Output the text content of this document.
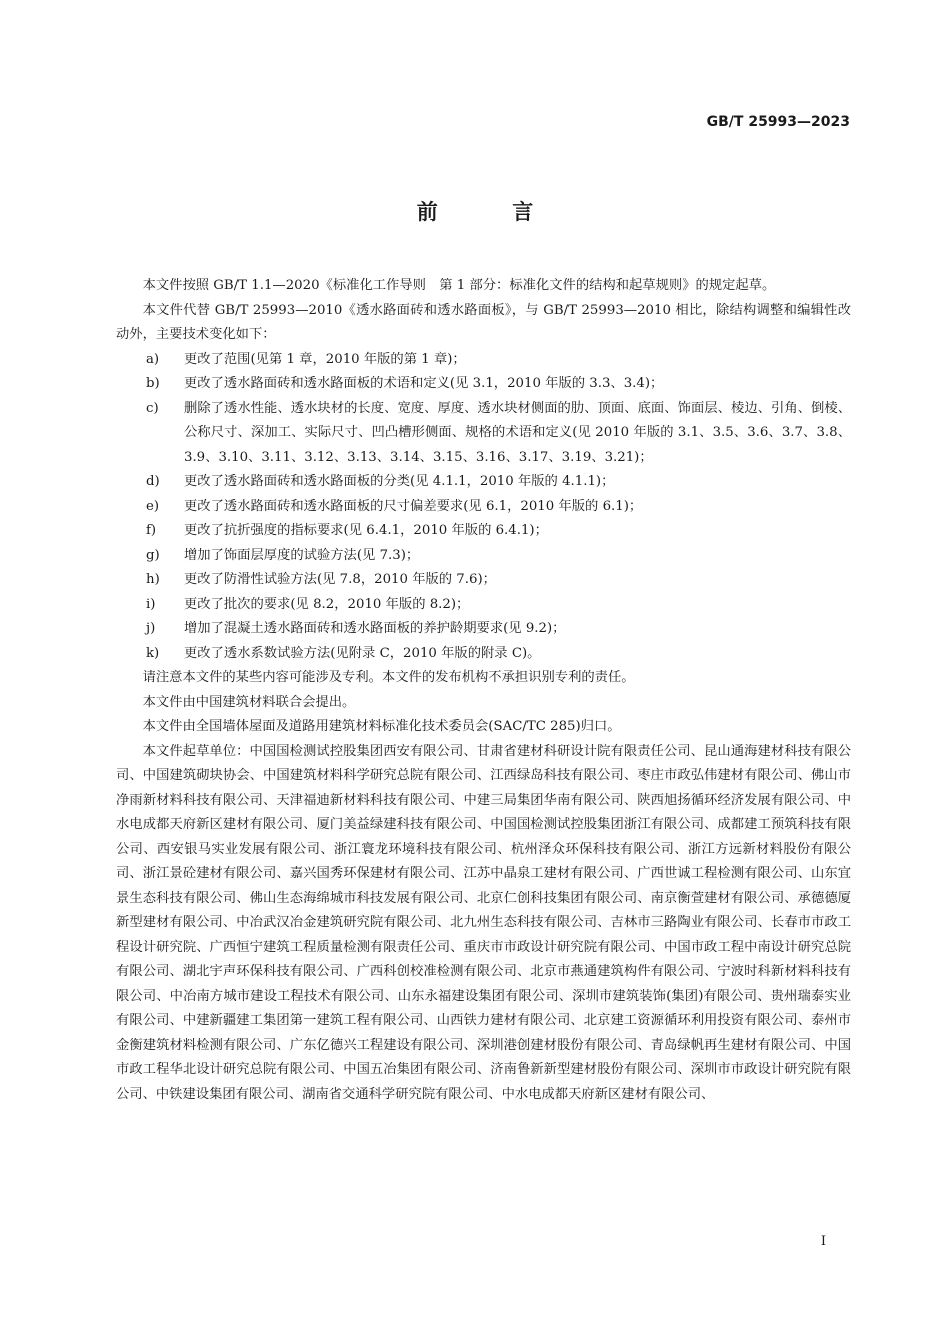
GB/T 25993—2023

前 言

本文件按照 GB/T 1.1—2020《标准化工作导则　第 1 部分：标准化文件的结构和起草规则》的规定起草。

本文件代替 GB/T 25993—2010《透水路面砖和透水路面板》，与 GB/T 25993—2010 相比，除结构调整和编辑性改动外，主要技术变化如下：

a)	更改了范围(见第 1 章，2010 年版的第 1 章)；
b)	更改了透水路面砖和透水路面板的术语和定义(见 3.1，2010 年版的 3.3、3.4)；
c)	删除了透水性能、透水块材的长度、宽度、厚度、透水块材侧面的肋、顶面、底面、饰面层、棱边、引角、倒棱、公称尺寸、深加工、实际尺寸、凹凸槽形侧面、规格的术语和定义(见 2010 年版的 3.1、3.5、3.6、3.7、3.8、3.9、3.10、3.11、3.12、3.13、3.14、3.15、3.16、3.17、3.19、3.21)；
d)	更改了透水路面砖和透水路面板的分类(见 4.1.1，2010 年版的 4.1.1)；
e)	更改了透水路面砖和透水路面板的尺寸偏差要求(见 6.1，2010 年版的 6.1)；
f)	更改了抗折强度的指标要求(见 6.4.1，2010 年版的 6.4.1)；
g)	增加了饰面层厚度的试验方法(见 7.3)；
h)	更改了防滑性试验方法(见 7.8，2010 年版的 7.6)；
i)	更改了批次的要求(见 8.2，2010 年版的 8.2)；
j)	增加了混凝土透水路面砖和透水路面板的养护龄期要求(见 9.2)；
k)	更改了透水系数试验方法(见附录 C，2010 年版的附录 C)。

请注意本文件的某些内容可能涉及专利。本文件的发布机构不承担识别专利的责任。

本文件由中国建筑材料联合会提出。

本文件由全国墙体屋面及道路用建筑材料标准化技术委员会(SAC/TC 285)归口。

本文件起草单位：中国国检测试控股集团西安有限公司、甘肃省建材科研设计院有限责任公司、昆山通海建材科技有限公司、中国建筑砌块协会、中国建筑材料科学研究总院有限公司、江西绿岛科技有限公司、枣庄市政弘伟建材有限公司、佛山市净雨新材料科技有限公司、天津福迪新材料科技有限公司、中建三局集团华南有限公司、陕西旭扬循环经济发展有限公司、中水电成都天府新区建材有限公司、厦门美益绿建科技有限公司、中国国检测试控股集团浙江有限公司、成都建工预筑科技有限公司、西安银马实业发展有限公司、浙江寰龙环境科技有限公司、杭州泽众环保科技有限公司、浙江方远新材料股份有限公司、浙江景砼建材有限公司、嘉兴国秀环保建材有限公司、江苏中晶泉工建材有限公司、广西世诚工程检测有限公司、山东宜景生态科技有限公司、佛山生态海绵城市科技发展有限公司、北京仁创科技集团有限公司、南京衡萱建材有限公司、承德德厦新型建材有限公司、中冶武汉冶金建筑研究院有限公司、北九州生态科技有限公司、吉林市三路陶业有限公司、长春市市政工程设计研究院、广西恒宁建筑工程质量检测有限责任公司、重庆市市政设计研究院有限公司、中国市政工程中南设计研究总院有限公司、湖北宇声环保科技有限公司、广西科创校准检测有限公司、北京市燕通建筑构件有限公司、宁波时科新材料科技有限公司、中冶南方城市建设工程技术有限公司、山东永福建设集团有限公司、深圳市建筑装饰(集团)有限公司、贵州瑞泰实业有限公司、中建新疆建工集团第一建筑工程有限公司、山西铁力建材有限公司、北京建工资源循环利用投资有限公司、泰州市金衡建筑材料检测有限公司、广东亿德兴工程建设有限公司、深圳港创建材股份有限公司、青岛绿帆再生建材有限公司、中国市政工程华北设计研究总院有限公司、中国五冶集团有限公司、济南鲁新新型建材股份有限公司、深圳市市政设计研究院有限公司、中铁建设集团有限公司、湖南省交通科学研究院有限公司、中水电成都天府新区建材有限公司、

I
